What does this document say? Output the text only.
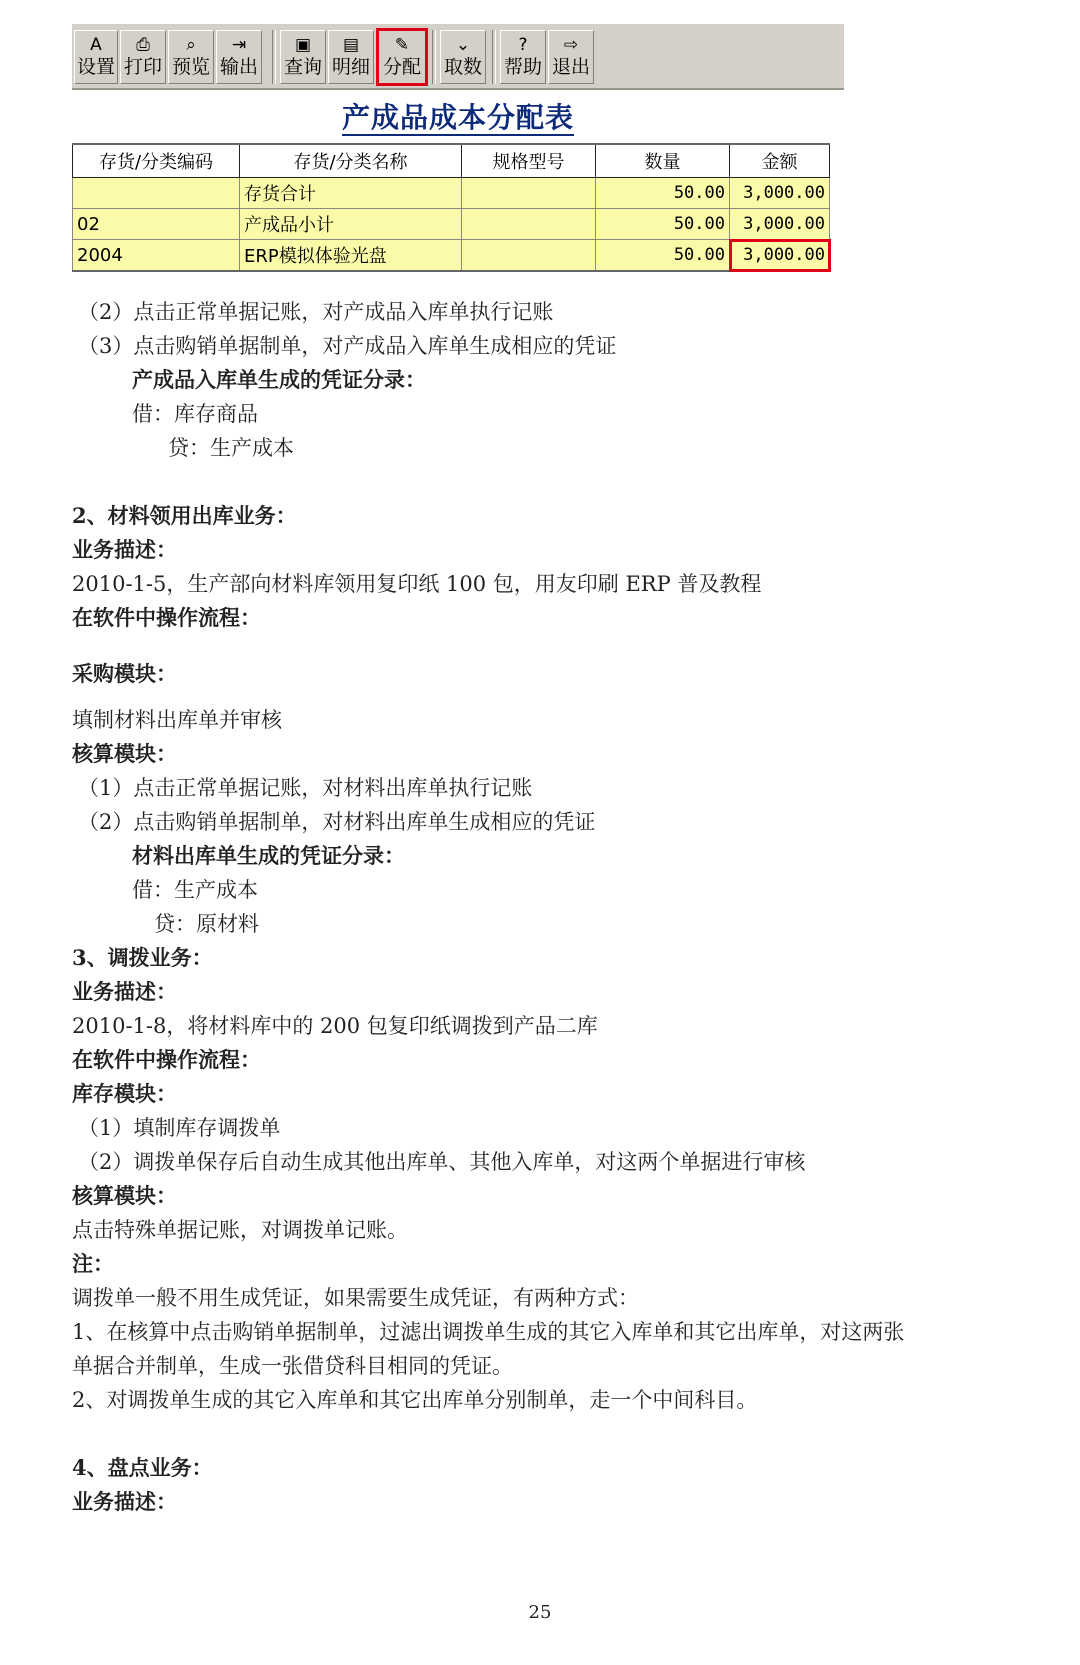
A
设置
⎙
打印
⌕
预览
⇥
输出
▣
查询
▤
明细
✎
分配
⌄
取数
?
帮助
⇨
退出
产成品成本分配表
存货/分类编码	存货/分类名称	规格型号	数量	金额
	存货合计		50.00	3,000.00
02	产成品小计		50.00	3,000.00
2004	ERP模拟体验光盘		50.00	3,000.00
（2）点击正常单据记账，对产成品入库单执行记账
（3）点击购销单据制单，对产成品入库单生成相应的凭证
产成品入库单生成的凭证分录：
借：库存商品
贷：生产成本
2、材料领用出库业务：
业务描述：
2010-1-5，生产部向材料库领用复印纸 100 包，用友印刷 ERP 普及教程
在软件中操作流程：
采购模块：
填制材料出库单并审核
核算模块：
（1）点击正常单据记账，对材料出库单执行记账
（2）点击购销单据制单，对材料出库单生成相应的凭证
材料出库单生成的凭证分录：
借：生产成本
贷：原材料
3、调拨业务：
业务描述：
2010-1-8，将材料库中的 200 包复印纸调拨到产品二库
在软件中操作流程：
库存模块：
（1）填制库存调拨单
（2）调拨单保存后自动生成其他出库单、其他入库单，对这两个单据进行审核
核算模块：
点击特殊单据记账，对调拨单记账。
注：
调拨单一般不用生成凭证，如果需要生成凭证，有两种方式：
1、在核算中点击购销单据制单，过滤出调拨单生成的其它入库单和其它出库单，对这两张
单据合并制单，生成一张借贷科目相同的凭证。
2、对调拨单生成的其它入库单和其它出库单分别制单，走一个中间科目。
4、盘点业务：
业务描述：
25
